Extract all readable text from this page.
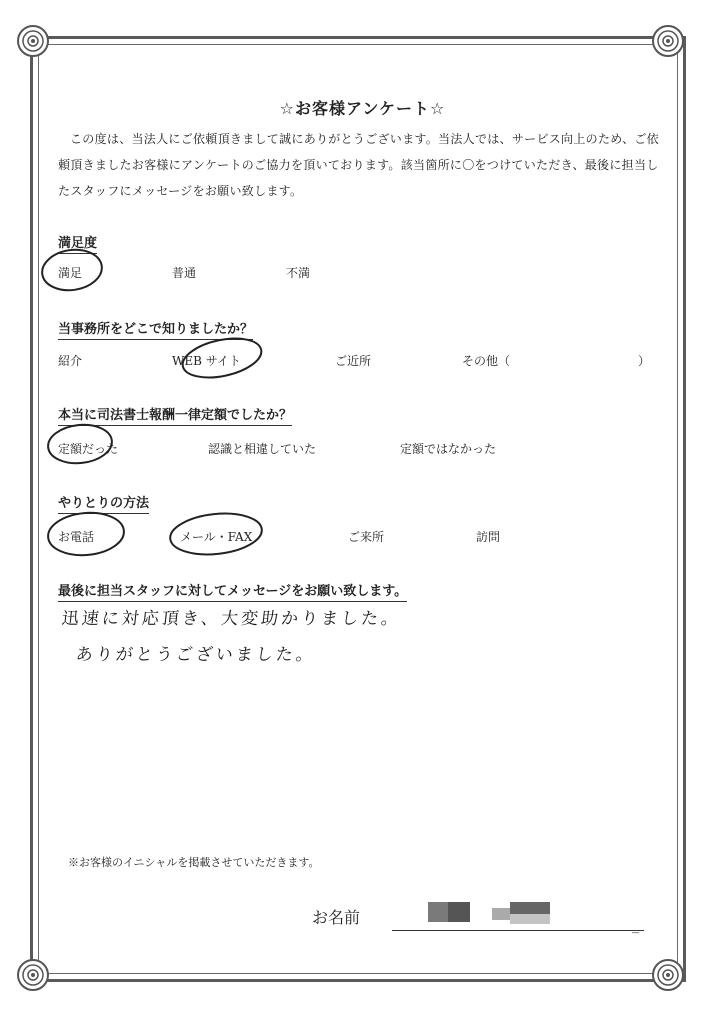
☆お客様アンケート☆
この度は、当法人にご依頼頂きまして誠にありがとうございます。当法人では、サービス向上のため、ご依頼頂きましたお客様にアンケートのご協力を頂いております。該当箇所に〇をつけていただき、最後に担当したスタッフにメッセージをお願い致します。
満足度
満足	普通	不満
当事務所をどこで知りましたか？
紹介	WEB サイト	ご近所	その他（	）
本当に司法書士報酬一律定額でしたか？
定額だった	認識と相違していた	定額ではなかった
やりとりの方法
お電話	メール・FAX	ご来所	訪問
最後に担当スタッフに対してメッセージをお願い致します。
迅速に対応頂き、大変助かりました。
ありがとうございました。
※お客様のイニシャルを掲載させていただきます。
お名前	_
